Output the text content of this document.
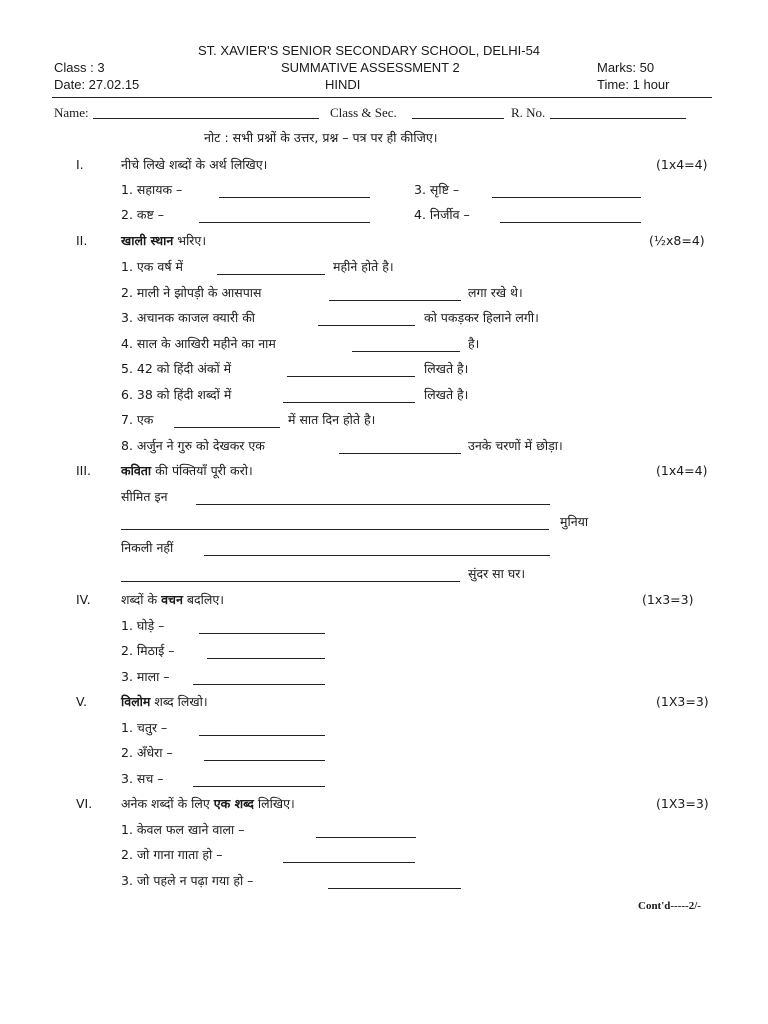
ST. XAVIER'S SENIOR SECONDARY SCHOOL, DELHI-54
Class : 3	SUMMATIVE ASSESSMENT 2	Marks: 50
Date: 27.02.15	HINDI	Time: 1 hour
Name:	Class & Sec.	R. No.
नोट : सभी प्रश्नों के उत्तर, प्रश्न – पत्र पर ही कीजिए।
I.	नीचे लिखे शब्दों के अर्थ लिखिए।	(1x4=4)
1. सहायक –	3. सृष्टि –
2. कष्ट –	4. निर्जीव –
II.	खाली स्थान भरिए।	(½x8=4)
1. एक वर्ष में	महीने होते है।
2. माली ने झोपड़ी के आसपास	लगा रखे थे।
3. अचानक काजल क्यारी की	को पकड़कर हिलाने लगी।
4. साल के आखिरी महीने का नाम	है।
5. 42 को हिंदी अंकों में	लिखते है।
6. 38 को हिंदी शब्दों में	लिखते है।
7. एक	में सात दिन होते है।
8. अर्जुन ने गुरु को देखकर एक	उनके चरणों में छोड़ा।
III. कविता की पंक्तियाँ पूरी करो।	(1x4=4)
सीमित इन
मुनिया
निकली नहीं
सुंदर सा घर।
IV. शब्दों के वचन बदलिए।	(1x3=3)
1. घोड़े –
2. मिठाई –
3. माला –
V.	विलोम शब्द लिखो।	(1X3=3)
1. चतुर –
2. अँधेरा –
3. सच –
VI. अनेक शब्दों के लिए एक शब्द लिखिए।	(1X3=3)
1. केवल फल खाने वाला –
2. जो गाना गाता हो –
3. जो पहले न पढ़ा गया हो –
Cont'd-----2/-
